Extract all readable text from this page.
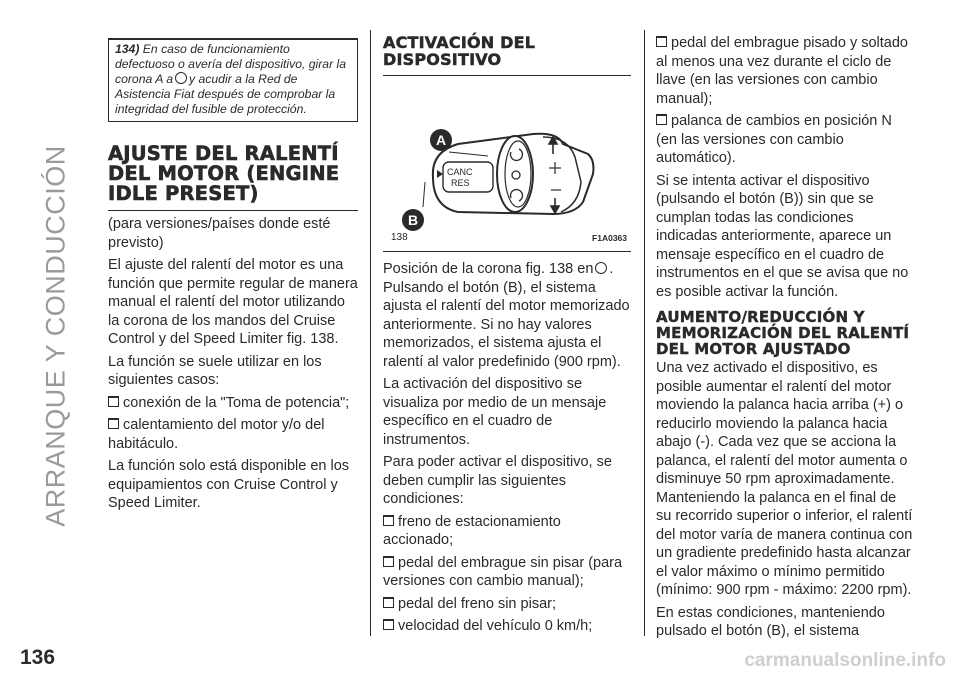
ARRANQUE Y CONDUCCIÓN
136	carmanualsonline.info
134) En caso de funcionamiento defectuoso o avería del dispositivo, girar la corona A a y acudir a la Red de Asistencia Fiat después de comprobar la integridad del fusible de protección.
AJUSTE DEL RALENTÍ DEL MOTOR (ENGINE IDLE PRESET)

(para versiones/países donde esté previsto)

El ajuste del ralentí del motor es una función que permite regular de manera manual el ralentí del motor utilizando la corona de los mandos del Cruise Control y del Speed Limiter fig. 138.

La función se suele utilizar en los siguientes casos:

conexión de la "Toma de potencia";

calentamiento del motor y/o del habitáculo.

La función solo está disponible en los equipamientos con Cruise Control y Speed Limiter.

ACTIVACIÓN DEL DISPOSITIVO
CANC
RES
A
B
138	F1A0363

Posición de la corona fig. 138 en . Pulsando el botón (B), el sistema ajusta el ralentí del motor memorizado anteriormente. Si no hay valores memorizados, el sistema ajusta el ralentí al valor predefinido (900 rpm).

La activación del dispositivo se visualiza por medio de un mensaje específico en el cuadro de instrumentos.

Para poder activar el dispositivo, se deben cumplir las siguientes condiciones:

freno de estacionamiento accionado;

pedal del embrague sin pisar (para versiones con cambio manual);

pedal del freno sin pisar;

velocidad del vehículo 0 km/h;

pedal del embrague pisado y soltado al menos una vez durante el ciclo de llave (en las versiones con cambio manual);

palanca de cambios en posición N (en las versiones con cambio automático).

Si se intenta activar el dispositivo (pulsando el botón (B)) sin que se cumplan todas las condiciones indicadas anteriormente, aparece un mensaje específico en el cuadro de instrumentos en el que se avisa que no es posible activar la función.

AUMENTO/REDUCCIÓN Y MEMORIZACIÓN DEL RALENTÍ DEL MOTOR AJUSTADO

Una vez activado el dispositivo, es posible aumentar el ralentí del motor moviendo la palanca hacia arriba (+) o reducirlo moviendo la palanca hacia abajo (-). Cada vez que se acciona la palanca, el ralentí del motor aumenta o disminuye 50 rpm aproximadamente. Manteniendo la palanca en el final de su recorrido superior o inferior, el ralentí del motor varía de manera continua con un gradiente predefinido hasta alcanzar el valor máximo o mínimo permitido (mínimo: 900 rpm - máximo: 2200 rpm).

En estas condiciones, manteniendo pulsado el botón (B), el sistema
